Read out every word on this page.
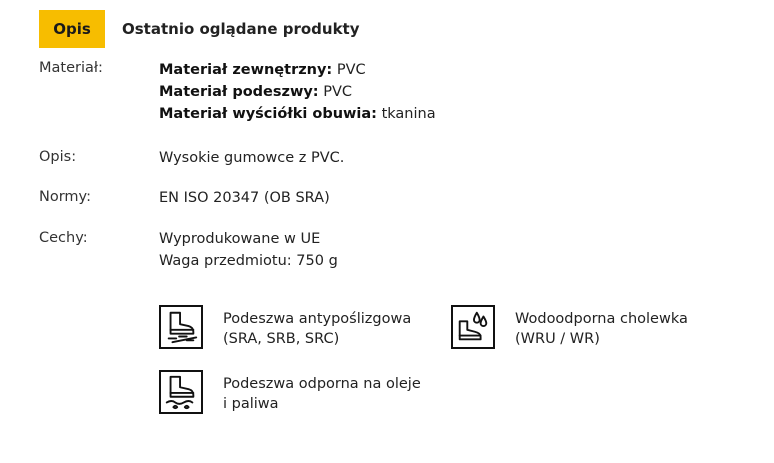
Opis	Ostatnio oglądane produkty
Materiał:	Materiał zewnętrzny: PVC
Materiał podeszwy: PVC
Materiał wyściółki obuwia: tkanina
Opis:	Wysokie gumowce z PVC.
Normy:	EN ISO 20347 (OB SRA)
Cechy:	Wyprodukowane w UE
Waga przedmiotu: 750 g
Podeszwa antypoślizgowa
(SRA, SRB, SRC)
Wodoodporna cholewka
(WRU / WR)
Podeszwa odporna na oleje
i paliwa
